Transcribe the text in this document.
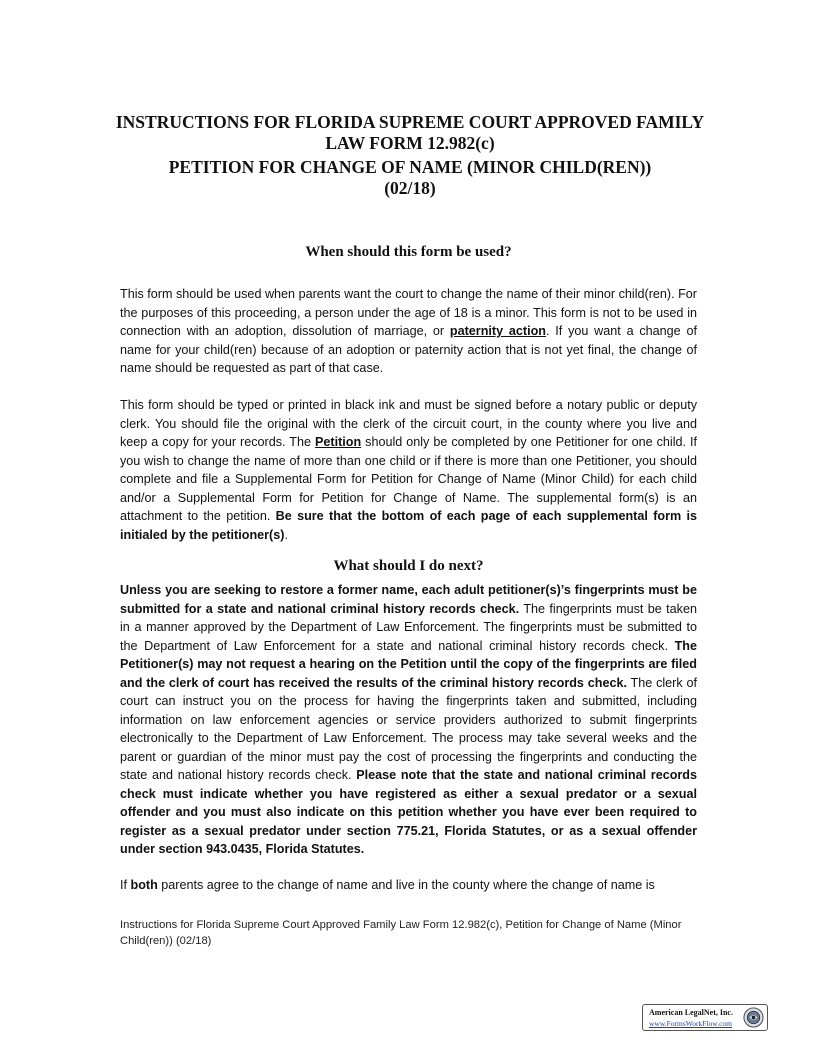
INSTRUCTIONS FOR FLORIDA SUPREME COURT APPROVED FAMILY
LAW FORM 12.982(c)
PETITION FOR CHANGE OF NAME (MINOR CHILD(REN))
(02/18)
When should this form be used?

This form should be used when parents want the court to change the name of their minor child(ren). For the purposes of this proceeding, a person under the age of 18 is a minor. This form is not to be used in connection with an adoption, dissolution of marriage, or paternity action. If you want a change of name for your child(ren) because of an adoption or paternity action that is not yet final, the change of name should be requested as part of that case.

This form should be typed or printed in black ink and must be signed before a notary public or deputy clerk. You should file the original with the clerk of the circuit court, in the county where you live and keep a copy for your records. The Petition should only be completed by one Petitioner for one child. If you wish to change the name of more than one child or if there is more than one Petitioner, you should complete and file a Supplemental Form for Petition for Change of Name (Minor Child) for each child and/or a Supplemental Form for Petition for Change of Name. The supplemental form(s) is an attachment to the petition. Be sure that the bottom of each page of each supplemental form is initialed by the petitioner(s).

What should I do next?

Unless you are seeking to restore a former name, each adult petitioner(s)’s fingerprints must be submitted for a state and national criminal history records check. The fingerprints must be taken in a manner approved by the Department of Law Enforcement. The fingerprints must be submitted to the Department of Law Enforcement for a state and national criminal history records check. The Petitioner(s) may not request a hearing on the Petition until the copy of the fingerprints are filed and the clerk of court has received the results of the criminal history records check. The clerk of court can instruct you on the process for having the fingerprints taken and submitted, including information on law enforcement agencies or service providers authorized to submit fingerprints electronically to the Department of Law Enforcement. The process may take several weeks and the parent or guardian of the minor must pay the cost of processing the fingerprints and conducting the state and national history records check. Please note that the state and national criminal records check must indicate whether you have registered as either a sexual predator or a sexual offender and you must also indicate on this petition whether you have ever been required to register as a sexual predator under section 775.21, Florida Statutes, or as a sexual offender under section 943.0435, Florida Statutes.

If both parents agree to the change of name and live in the county where the change of name is

Instructions for Florida Supreme Court Approved Family Law Form 12.982(c), Petition for Change of Name (Minor Child(ren)) (02/18)
American LegalNet, Inc.
www.FormsWorkFlow.com
